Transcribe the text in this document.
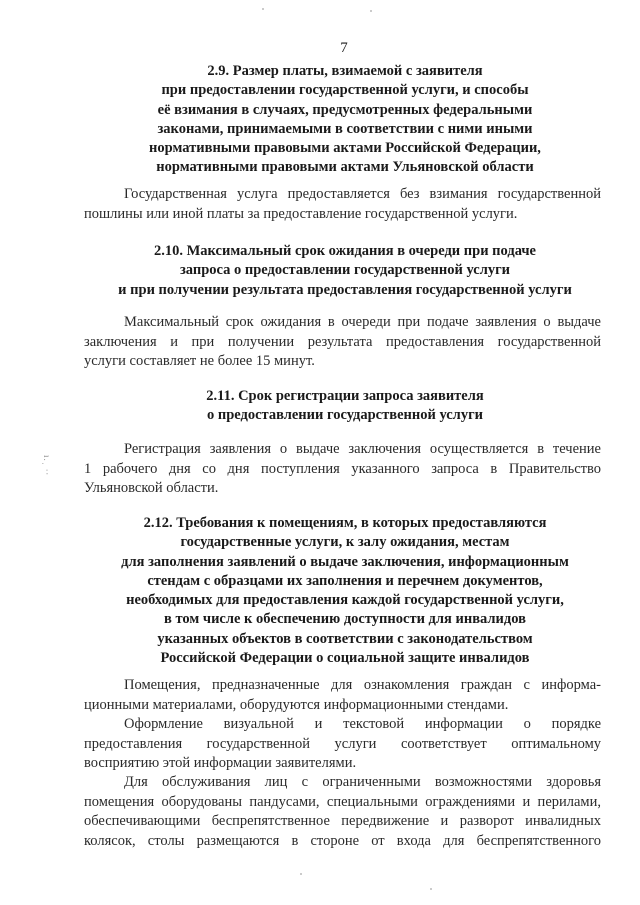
7
ı.ˌ ∙·
2.9. Размер платы, взимаемой с заявителя
при предоставлении государственной услуги, и способы
её взимания в случаях, предусмотренных федеральными
законами, принимаемыми в соответствии с ними иными
нормативными правовыми актами Российской Федерации,
нормативными правовыми актами Ульяновской области
Государственная услуга предоставляется без взимания государственной
пошлины или иной платы за предоставление государственной услуги.
2.10. Максимальный срок ожидания в очереди при подаче
запроса о предоставлении государственной услуги
и при получении результата предоставления государственной услуги
Максимальный срок ожидания в очереди при подаче заявления о выдаче
заключения и при получении результата предоставления государственной
услуги составляет не более 15 минут.
2.11. Срок регистрации запроса заявителя
о предоставлении государственной услуги
Регистрация заявления о выдаче заключения осуществляется в течение
1 рабочего дня со дня поступления указанного запроса в Правительство
Ульяновской области.
2.12. Требования к помещениям, в которых предоставляются
государственные услуги, к залу ожидания, местам
для заполнения заявлений о выдаче заключения, информационным
стендам с образцами их заполнения и перечнем документов,
необходимых для предоставления каждой государственной услуги,
в том числе к обеспечению доступности для инвалидов
указанных объектов в соответствии с законодательством
Российской Федерации о социальной защите инвалидов
Помещения, предназначенные для ознакомления граждан с информа-
ционными материалами, оборудуются информационными стендами.
Оформление визуальной и текстовой информации о порядке
предоставления государственной услуги соответствует оптимальному
восприятию этой информации заявителями.
Для обслуживания лиц с ограниченными возможностями здоровья
помещения оборудованы пандусами, специальными ограждениями и перилами,
обеспечивающими беспрепятственное передвижение и разворот инвалидных
колясок, столы размещаются в стороне от входа для беспрепятственного
